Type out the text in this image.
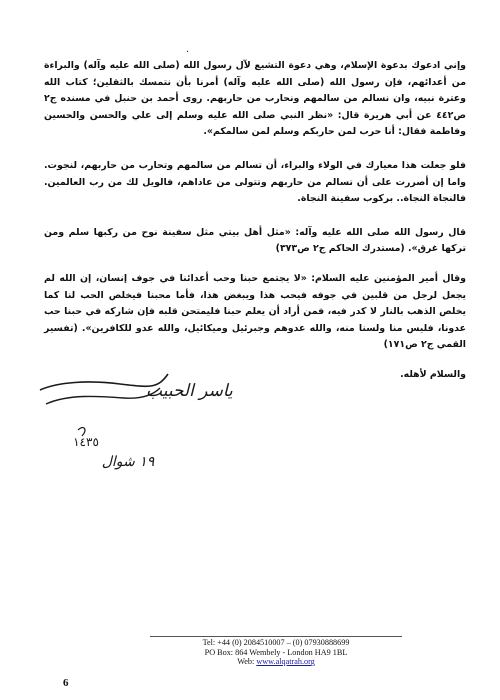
.

وإني ادعوك بدعوة الإسلام، وهي دعوة التشيع لآل رسول الله (صلى الله عليه وآله) والبراءة من أعدائهم، فإن رسول الله (صلى الله عليه وآله) أمرنا بأن نتمسك بالثقلين؛ كتاب الله وعترة نبيه، وان نسالم من سالمهم ونحارب من حاربهم. روى أحمد بن حنبل في مسنده ج٢ ص٤٤٢ عن أبي هريرة قال: «نظر النبي صلى الله عليه وسلم إلى علي والحسن والحسين وفاطمة فقال: أنا حرب لمن حاربكم وسلم لمن سالمكم».

فلو جعلت هذا معيارك في الولاء والبراء، أن تسالم من سالمهم وتحارب من حاربهم، لنجوت. واما إن أصررت على أن تسالم من حاربهم وتتولى من عاداهم، فالويل لك من رب العالمين. فالنجاة النجاة.. بركوب سفينة النجاة.

قال رسول الله صلى الله عليه وآله: «مثل أهل بيتي مثل سفينة نوح من ركبها سلم ومن تركها غرق». (مستدرك الحاكم ج٢ ص٣٧٣)

وقال أمير المؤمنين عليه السلام: «لا يجتمع حبنا وحب أعدائنا في جوف إنسان، إن الله لم يجعل لرجل من قلبين في جوفه فيحب هذا ويبغض هذا، فأما محبنا فيخلص الحب لنا كما يخلص الذهب بالنار لا كدر فيه، فمن أراد أن يعلم حبنا فليمتحن قلبه فإن شاركه في حبنا حب عدونا، فليس منا ولسنا منه، والله عدوهم وجبرئيل وميكائيل، والله عدو للكافرين». (تفسير القمي ج٢ ص١٧١)

والسلام لأهله.

ياسر الحبيب
١٤٣٥
١٩ شوال
Tel: +44 (0) 2084510007 – (0) 07930888699
PO Box: 864 Wembely - London HA9 1BL
Web: www.alqatrah.org
6
